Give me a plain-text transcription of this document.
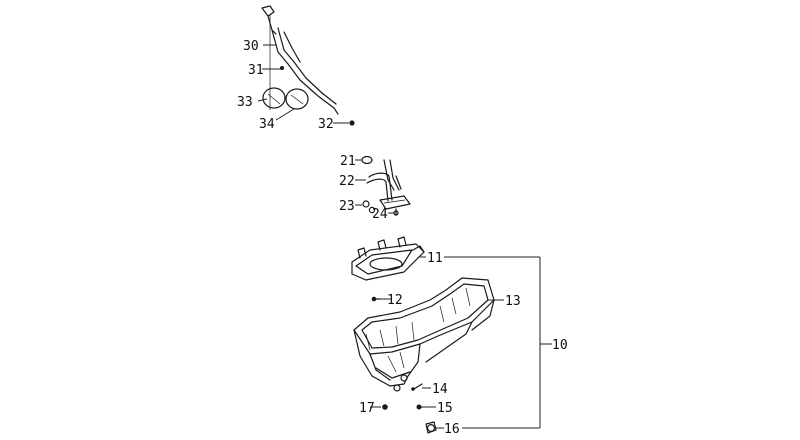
30
31
33
34	32
21
22
23
24
11
12	13
10
14
15
17
16
